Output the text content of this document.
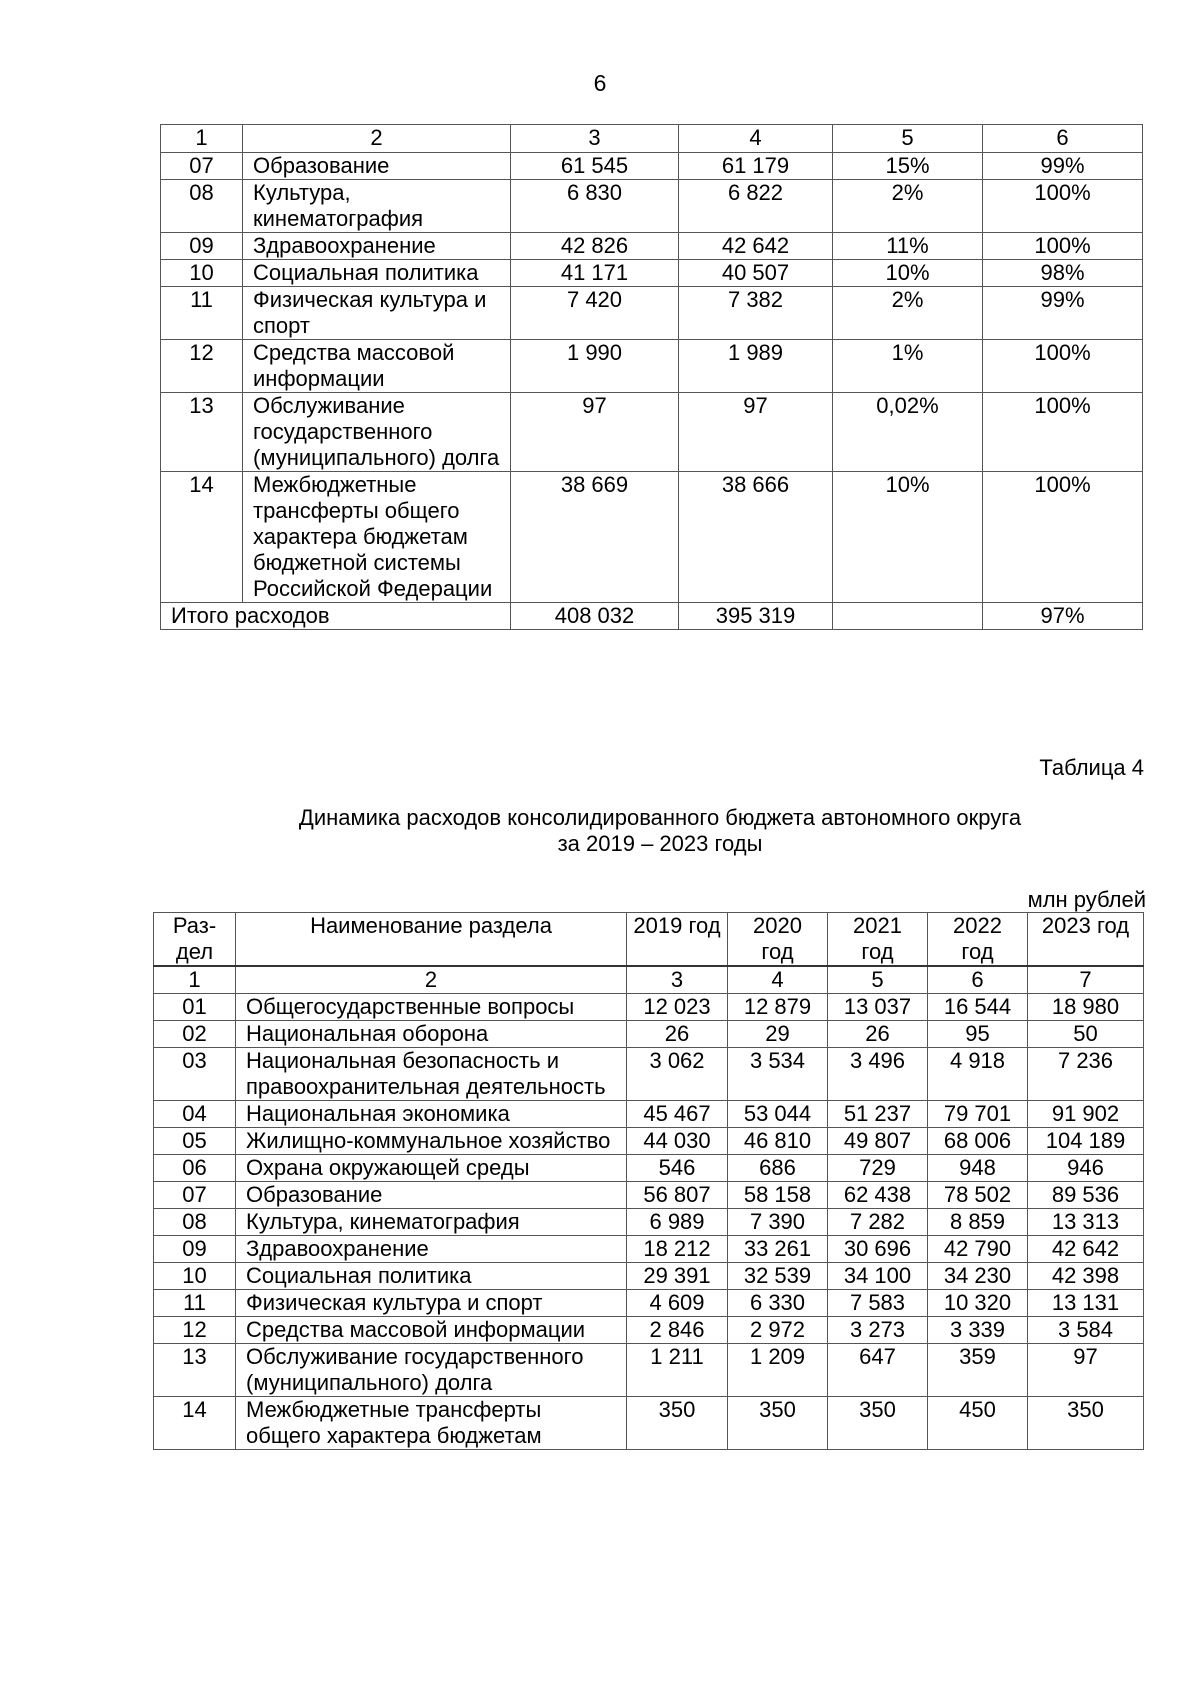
6
1	2	3	4	5	6
07	Образование	61 545	61 179	15%	99%
08	Культура, кинематография	6 830	6 822	2%	100%
09	Здравоохранение	42 826	42 642	11%	100%
10	Социальная политика	41 171	40 507	10%	98%
11	Физическая культура и спорт	7 420	7 382	2%	99%
12	Средства массовой информации	1 990	1 989	1%	100%
13	Обслуживание государственного (муниципального) долга	97	97	0,02%	100%
14	Межбюджетные трансферты общего характера бюджетам бюджетной системы Российской Федерации	38 669	38 666	10%	100%
Итого расходов		408 032	395 319		97%
Таблица 4
Динамика расходов консолидированного бюджета автономного округа
за 2019 – 2023 годы
млн рублей
Раз-дел	Наименование раздела	2019 год	2020 год	2021 год	2022 год	2023 год
1	2	3	4	5	6	7
01	Общегосударственные вопросы	12 023	12 879	13 037	16 544	18 980
02	Национальная оборона	26	29	26	95	50
03	Национальная безопасность и правоохранительная деятельность	3 062	3 534	3 496	4 918	7 236
04	Национальная экономика	45 467	53 044	51 237	79 701	91 902
05	Жилищно-коммунальное хозяйство	44 030	46 810	49 807	68 006	104 189
06	Охрана окружающей среды	546	686	729	948	946
07	Образование	56 807	58 158	62 438	78 502	89 536
08	Культура, кинематография	6 989	7 390	7 282	8 859	13 313
09	Здравоохранение	18 212	33 261	30 696	42 790	42 642
10	Социальная политика	29 391	32 539	34 100	34 230	42 398
11	Физическая культура и спорт	4 609	6 330	7 583	10 320	13 131
12	Средства массовой информации	2 846	2 972	3 273	3 339	3 584
13	Обслуживание государственного (муниципального) долга	1 211	1 209	647	359	97
14	Межбюджетные трансферты общего характера бюджетам	350	350	350	450	350
